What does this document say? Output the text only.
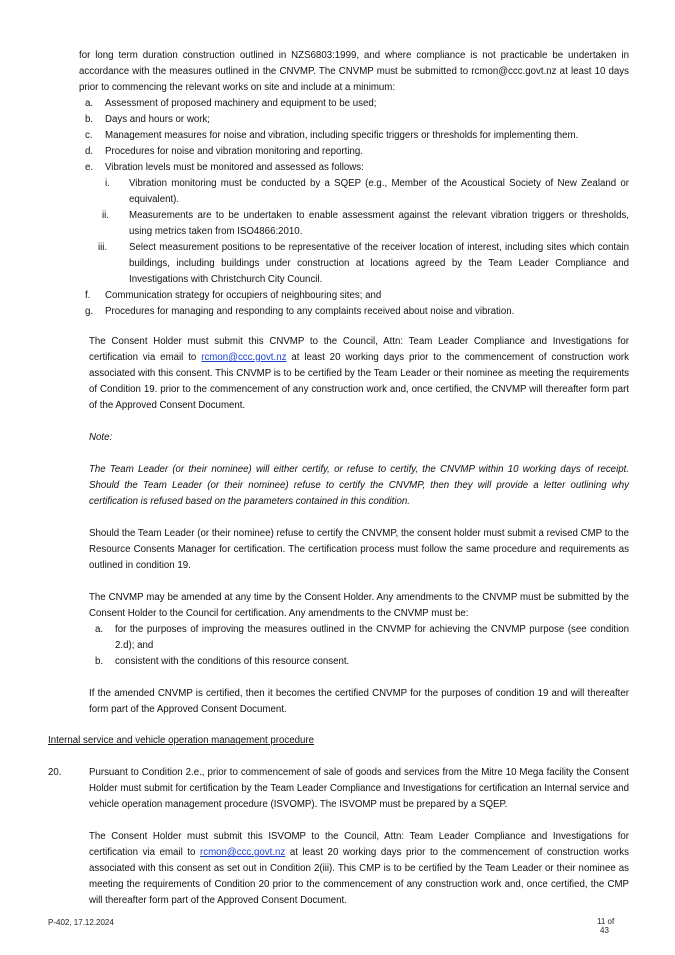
for long term duration construction outlined in NZS6803:1999, and where compliance is not practicable be undertaken in accordance with the measures outlined in the CNVMP. The CNVMP must be submitted to rcmon@ccc.govt.nz at least 10 days prior to commencing the relevant works on site and include at a minimum:

a. Assessment of proposed machinery and equipment to be used;
b. Days and hours or work;
c. Management measures for noise and vibration, including specific triggers or thresholds for implementing them.
d. Procedures for noise and vibration monitoring and reporting.
e. Vibration levels must be monitored and assessed as follows:
i. Vibration monitoring must be conducted by a SQEP (e.g., Member of the Acoustical Society of New Zealand or equivalent).
ii. Measurements are to be undertaken to enable assessment against the relevant vibration triggers or thresholds, using metrics taken from ISO4866:2010.
iii. Select measurement positions to be representative of the receiver location of interest, including sites which contain buildings, including buildings under construction at locations agreed by the Team Leader Compliance and Investigations with Christchurch City Council.
f. Communication strategy for occupiers of neighbouring sites; and
g. Procedures for managing and responding to any complaints received about noise and vibration.

The Consent Holder must submit this CNVMP to the Council, Attn: Team Leader Compliance and Investigations for certification via email to rcmon@ccc.govt.nz at least 20 working days prior to the commencement of construction work associated with this consent. This CNVMP is to be certified by the Team Leader or their nominee as meeting the requirements of Condition 19. prior to the commencement of any construction work and, once certified, the CNVMP will thereafter form part of the Approved Consent Document.

Note:

The Team Leader (or their nominee) will either certify, or refuse to certify, the CNVMP within 10 working days of receipt. Should the Team Leader (or their nominee) refuse to certify the CNVMP, then they will provide a letter outlining why certification is refused based on the parameters contained in this condition.

Should the Team Leader (or their nominee) refuse to certify the CNVMP, the consent holder must submit a revised CMP to the Resource Consents Manager for certification. The certification process must follow the same procedure and requirements as outlined in condition 19.

The CNVMP may be amended at any time by the Consent Holder. Any amendments to the CNVMP must be submitted by the Consent Holder to the Council for certification. Any amendments to the CNVMP must be:

a. for the purposes of improving the measures outlined in the CNVMP for achieving the CNVMP purpose (see condition 2.d); and
b. consistent with the conditions of this resource consent.

If the amended CNVMP is certified, then it becomes the certified CNVMP for the purposes of condition 19 and will thereafter form part of the Approved Consent Document.

Internal service and vehicle operation management procedure

20.	Pursuant to Condition 2.e., prior to commencement of sale of goods and services from the Mitre 10 Mega facility the Consent Holder must submit for certification by the Team Leader Compliance and Investigations for certification an Internal service and vehicle operation management procedure (ISVOMP). The ISVOMP must be prepared by a SQEP.

The Consent Holder must submit this ISVOMP to the Council, Attn: Team Leader Compliance and Investigations for certification via email to rcmon@ccc.govt.nz at least 20 working days prior to the commencement of construction works associated with this consent as set out in Condition 2(iii). This CMP is to be certified by the Team Leader or their nominee as meeting the requirements of Condition 20 prior to the commencement of any construction work and, once certified, the CMP will thereafter form part of the Approved Consent Document.

P-402, 17.12.2024	11 of
43
